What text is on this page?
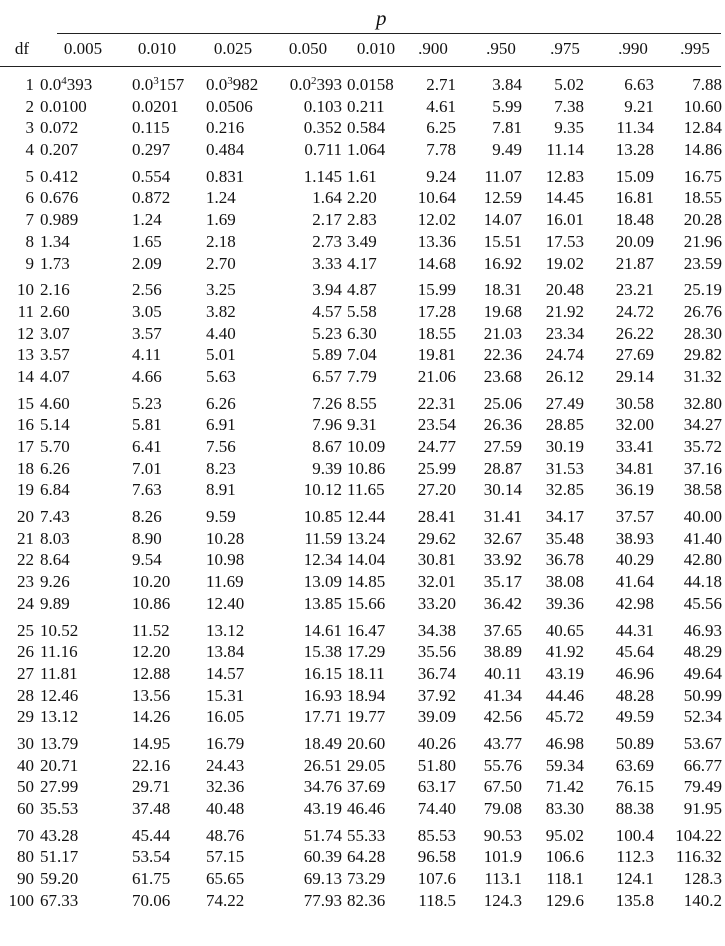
p
df	0.005	0.010	0.025	0.050	0.010	.900	.950	.975	.990	.995
1 $0.0^4393$	$0.0^3157$	$0.0^3982$	$0.0^2393$ 0.0158	2.71	3.84	5.02	6.63	7.88
2 0.0100	0.0201	0.0506	0.103 0.211	4.61	5.99	7.38	9.21	10.60
3 0.072	0.115	0.216	0.352 0.584	6.25	7.81	9.35	11.34	12.84
4 0.207	0.297	0.484	0.711 1.064	7.78	9.49	11.14	13.28	14.86
5 0.412	0.554	0.831	1.145 1.61	9.24	11.07	12.83	15.09	16.75
6 0.676	0.872	1.24	1.64 2.20	10.64	12.59	14.45	16.81	18.55
7 0.989	1.24	1.69	2.17 2.83	12.02	14.07	16.01	18.48	20.28
8 1.34	1.65	2.18	2.73 3.49	13.36	15.51	17.53	20.09	21.96
9 1.73	2.09	2.70	3.33 4.17	14.68	16.92	19.02	21.87	23.59
10 2.16	2.56	3.25	3.94 4.87	15.99	18.31	20.48	23.21	25.19
11 2.60	3.05	3.82	4.57 5.58	17.28	19.68	21.92	24.72	26.76
12 3.07	3.57	4.40	5.23 6.30	18.55	21.03	23.34	26.22	28.30
13 3.57	4.11	5.01	5.89 7.04	19.81	22.36	24.74	27.69	29.82
14 4.07	4.66	5.63	6.57 7.79	21.06	23.68	26.12	29.14	31.32
15 4.60	5.23	6.26	7.26 8.55	22.31	25.06	27.49	30.58	32.80
16 5.14	5.81	6.91	7.96 9.31	23.54	26.36	28.85	32.00	34.27
17 5.70	6.41	7.56	8.67 10.09	24.77	27.59	30.19	33.41	35.72
18 6.26	7.01	8.23	9.39 10.86	25.99	28.87	31.53	34.81	37.16
19 6.84	7.63	8.91	10.12 11.65	27.20	30.14	32.85	36.19	38.58
20 7.43	8.26	9.59	10.85 12.44	28.41	31.41	34.17	37.57	40.00
21 8.03	8.90	10.28	11.59 13.24	29.62	32.67	35.48	38.93	41.40
22 8.64	9.54	10.98	12.34 14.04	30.81	33.92	36.78	40.29	42.80
23 9.26	10.20	11.69	13.09 14.85	32.01	35.17	38.08	41.64	44.18
24 9.89	10.86	12.40	13.85 15.66	33.20	36.42	39.36	42.98	45.56
25 10.52	11.52	13.12	14.61 16.47	34.38	37.65	40.65	44.31	46.93
26 11.16	12.20	13.84	15.38 17.29	35.56	38.89	41.92	45.64	48.29
27 11.81	12.88	14.57	16.15 18.11	36.74	40.11	43.19	46.96	49.64
28 12.46	13.56	15.31	16.93 18.94	37.92	41.34	44.46	48.28	50.99
29 13.12	14.26	16.05	17.71 19.77	39.09	42.56	45.72	49.59	52.34
30 13.79	14.95	16.79	18.49 20.60	40.26	43.77	46.98	50.89	53.67
40 20.71	22.16	24.43	26.51 29.05	51.80	55.76	59.34	63.69	66.77
50 27.99	29.71	32.36	34.76 37.69	63.17	67.50	71.42	76.15	79.49
60 35.53	37.48	40.48	43.19 46.46	74.40	79.08	83.30	88.38	91.95
70 43.28	45.44	48.76	51.74 55.33	85.53	90.53	95.02	100.4	104.22
80 51.17	53.54	57.15	60.39 64.28	96.58	101.9	106.6	112.3	116.32
90 59.20	61.75	65.65	69.13 73.29	107.6	113.1	118.1	124.1	128.3
100 67.33	70.06	74.22	77.93 82.36	118.5	124.3	129.6	135.8	140.2
